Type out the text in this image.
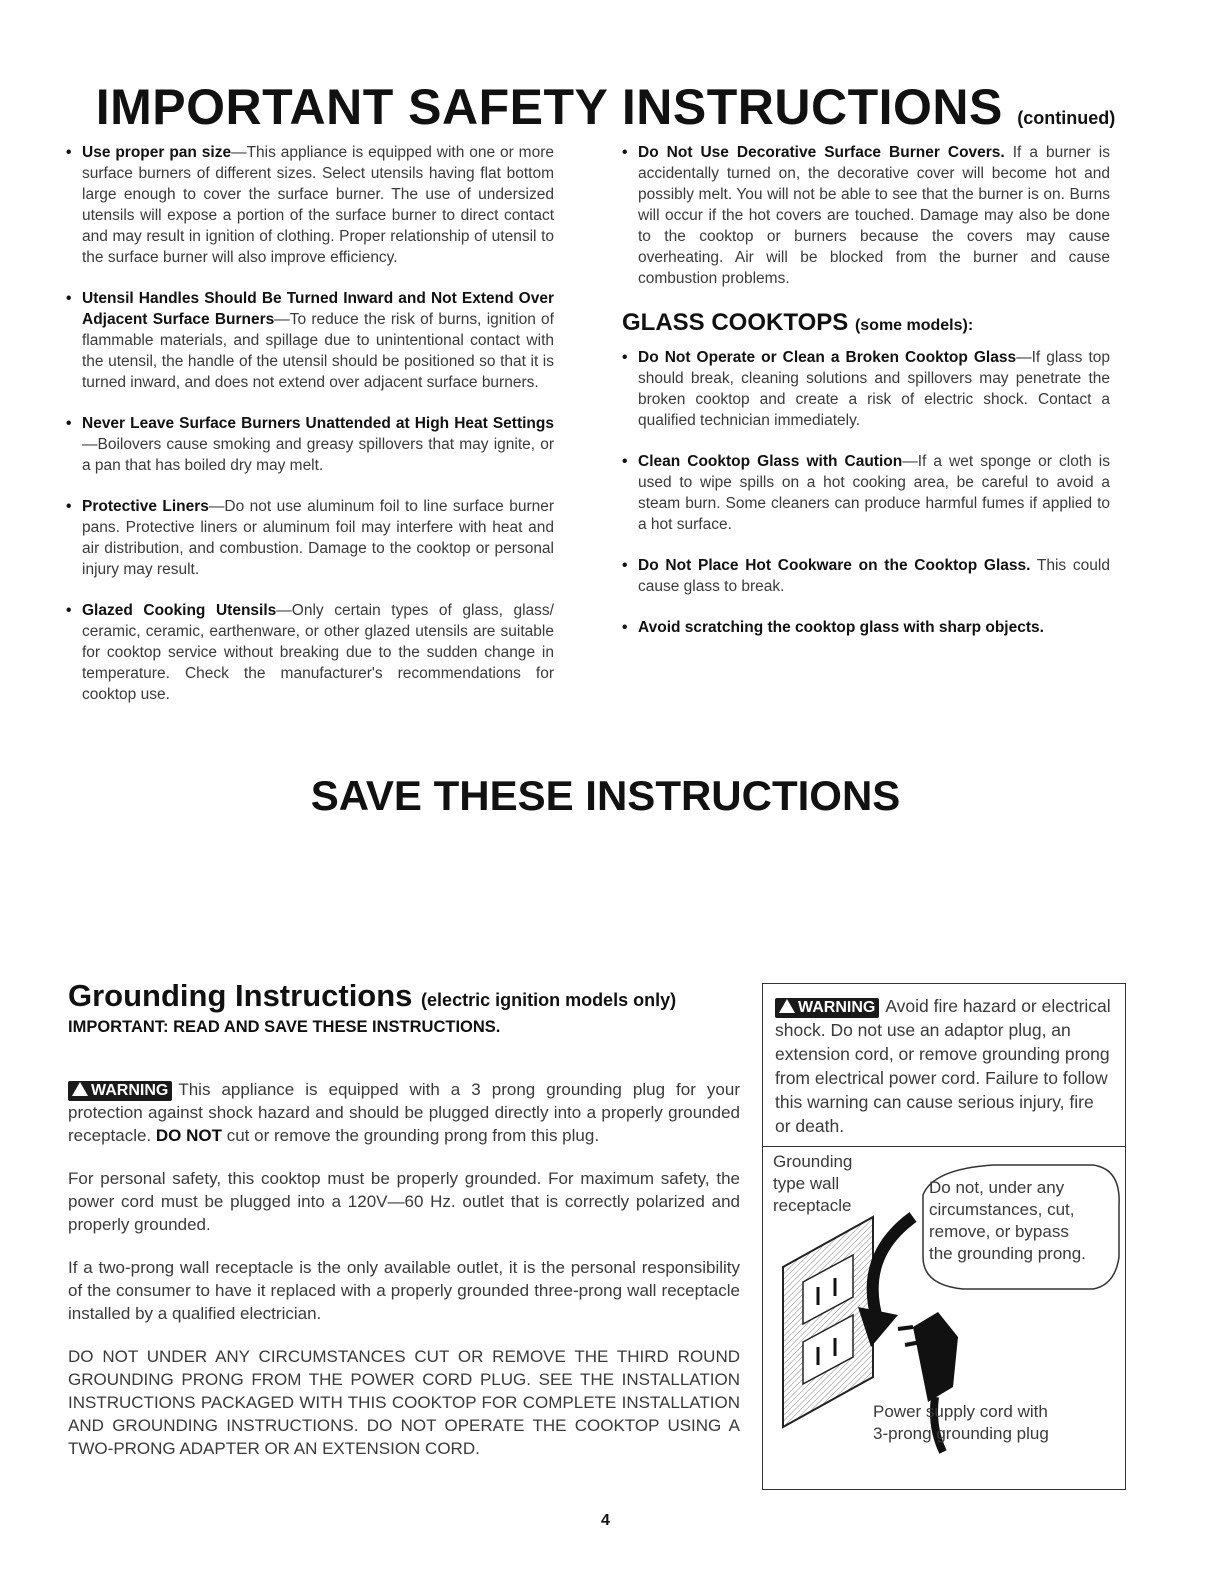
IMPORTANT SAFETY INSTRUCTIONS (continued)
• Use proper pan size—This appliance is equipped with one or more surface burners of different sizes. Select utensils having flat bottom large enough to cover the surface burner. The use of undersized utensils will expose a portion of the surface burner to direct contact and may result in ignition of clothing. Proper relationship of utensil to the surface burner will also improve efficiency.
• Utensil Handles Should Be Turned Inward and Not Extend Over Adjacent Surface Burners—To reduce the risk of burns, ignition of flammable materials, and spillage due to unintentional contact with the utensil, the handle of the utensil should be positioned so that it is turned inward, and does not extend over adjacent surface burners.
• Never Leave Surface Burners Unattended at High Heat Settings—Boilovers cause smoking and greasy spillovers that may ignite, or a pan that has boiled dry may melt.
• Protective Liners—Do not use aluminum foil to line surface burner pans. Protective liners or aluminum foil may interfere with heat and air distribution, and combustion. Damage to the cooktop or personal injury may result.
• Glazed Cooking Utensils—Only certain types of glass, glass/ ceramic, ceramic, earthenware, or other glazed utensils are suitable for cooktop service without breaking due to the sudden change in temperature. Check the manufacturer's recommendations for cooktop use.
• Do Not Use Decorative Surface Burner Covers. If a burner is accidentally turned on, the decorative cover will become hot and possibly melt. You will not be able to see that the burner is on. Burns will occur if the hot covers are touched. Damage may also be done to the cooktop or burners because the covers may cause overheating. Air will be blocked from the burner and cause combustion problems.
GLASS COOKTOPS (some models):
• Do Not Operate or Clean a Broken Cooktop Glass—If glass top should break, cleaning solutions and spillovers may penetrate the broken cooktop and create a risk of electric shock. Contact a qualified technician immediately.
• Clean Cooktop Glass with Caution—If a wet sponge or cloth is used to wipe spills on a hot cooking area, be careful to avoid a steam burn. Some cleaners can produce harmful fumes if applied to a hot surface.
• Do Not Place Hot Cookware on the Cooktop Glass. This could cause glass to break.
• Avoid scratching the cooktop glass with sharp objects.
SAVE THESE INSTRUCTIONS
Grounding Instructions (electric ignition models only)
IMPORTANT: READ AND SAVE THESE INSTRUCTIONS.

WARNING This appliance is equipped with a 3 prong grounding plug for your protection against shock hazard and should be plugged directly into a properly grounded receptacle. DO NOT cut or remove the grounding prong from this plug.

For personal safety, this cooktop must be properly grounded. For maximum safety, the power cord must be plugged into a 120V—60 Hz. outlet that is correctly polarized and properly grounded.

If a two-prong wall receptacle is the only available outlet, it is the personal responsibility of the consumer to have it replaced with a properly grounded three-prong wall receptacle installed by a qualified electrician.

DO NOT UNDER ANY CIRCUMSTANCES CUT OR REMOVE THE THIRD ROUND GROUNDING PRONG FROM THE POWER CORD PLUG. SEE THE INSTALLATION INSTRUCTIONS PACKAGED WITH THIS COOKTOP FOR COMPLETE INSTALLATION AND GROUNDING INSTRUCTIONS. DO NOT OPERATE THE COOKTOP USING A TWO-PRONG ADAPTER OR AN EXTENSION CORD.

WARNING Avoid fire hazard or electrical shock. Do not use an adaptor plug, an extension cord, or remove grounding prong from electrical power cord. Failure to follow this warning can cause serious injury, fire or death.
Grounding type wall receptacle
Do not, under any circumstances, cut, remove, or bypass the grounding prong.
Power supply cord with 3-prong grounding plug
4
